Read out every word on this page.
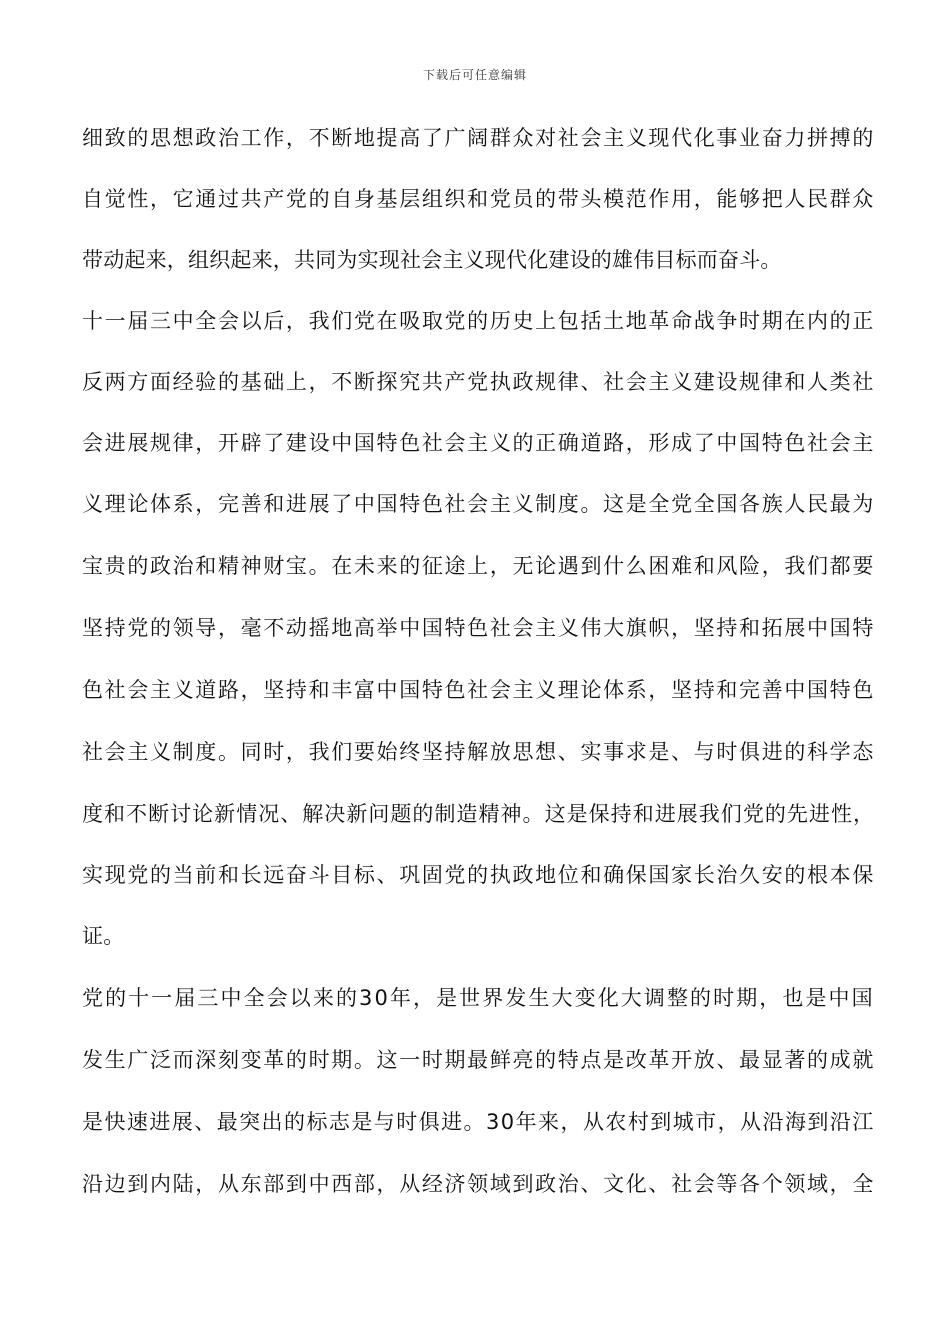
下载后可任意编辑
细致的思想政治工作，不断地提高了广阔群众对社会主义现代化事业奋力拼搏的
自觉性，它通过共产党的自身基层组织和党员的带头模范作用，能够把人民群众
带动起来，组织起来，共同为实现社会主义现代化建设的雄伟目标而奋斗。
十一届三中全会以后，我们党在吸取党的历史上包括土地革命战争时期在内的正
反两方面经验的基础上，不断探究共产党执政规律、社会主义建设规律和人类社
会进展规律，开辟了建设中国特色社会主义的正确道路，形成了中国特色社会主
义理论体系，完善和进展了中国特色社会主义制度。这是全党全国各族人民最为
宝贵的政治和精神财宝。在未来的征途上，无论遇到什么困难和风险，我们都要
坚持党的领导，毫不动摇地高举中国特色社会主义伟大旗帜，坚持和拓展中国特
色社会主义道路，坚持和丰富中国特色社会主义理论体系，坚持和完善中国特色
社会主义制度。同时，我们要始终坚持解放思想、实事求是、与时俱进的科学态
度和不断讨论新情况、解决新问题的制造精神。这是保持和进展我们党的先进性，
实现党的当前和长远奋斗目标、巩固党的执政地位和确保国家长治久安的根本保
证。
党的十一届三中全会以来的30年，是世界发生大变化大调整的时期，也是中国
发生广泛而深刻变革的时期。这一时期最鲜亮的特点是改革开放、最显著的成就
是快速进展、最突出的标志是与时俱进。30年来，从农村到城市，从沿海到沿江
沿边到内陆，从东部到中西部，从经济领域到政治、文化、社会等各个领域，全
